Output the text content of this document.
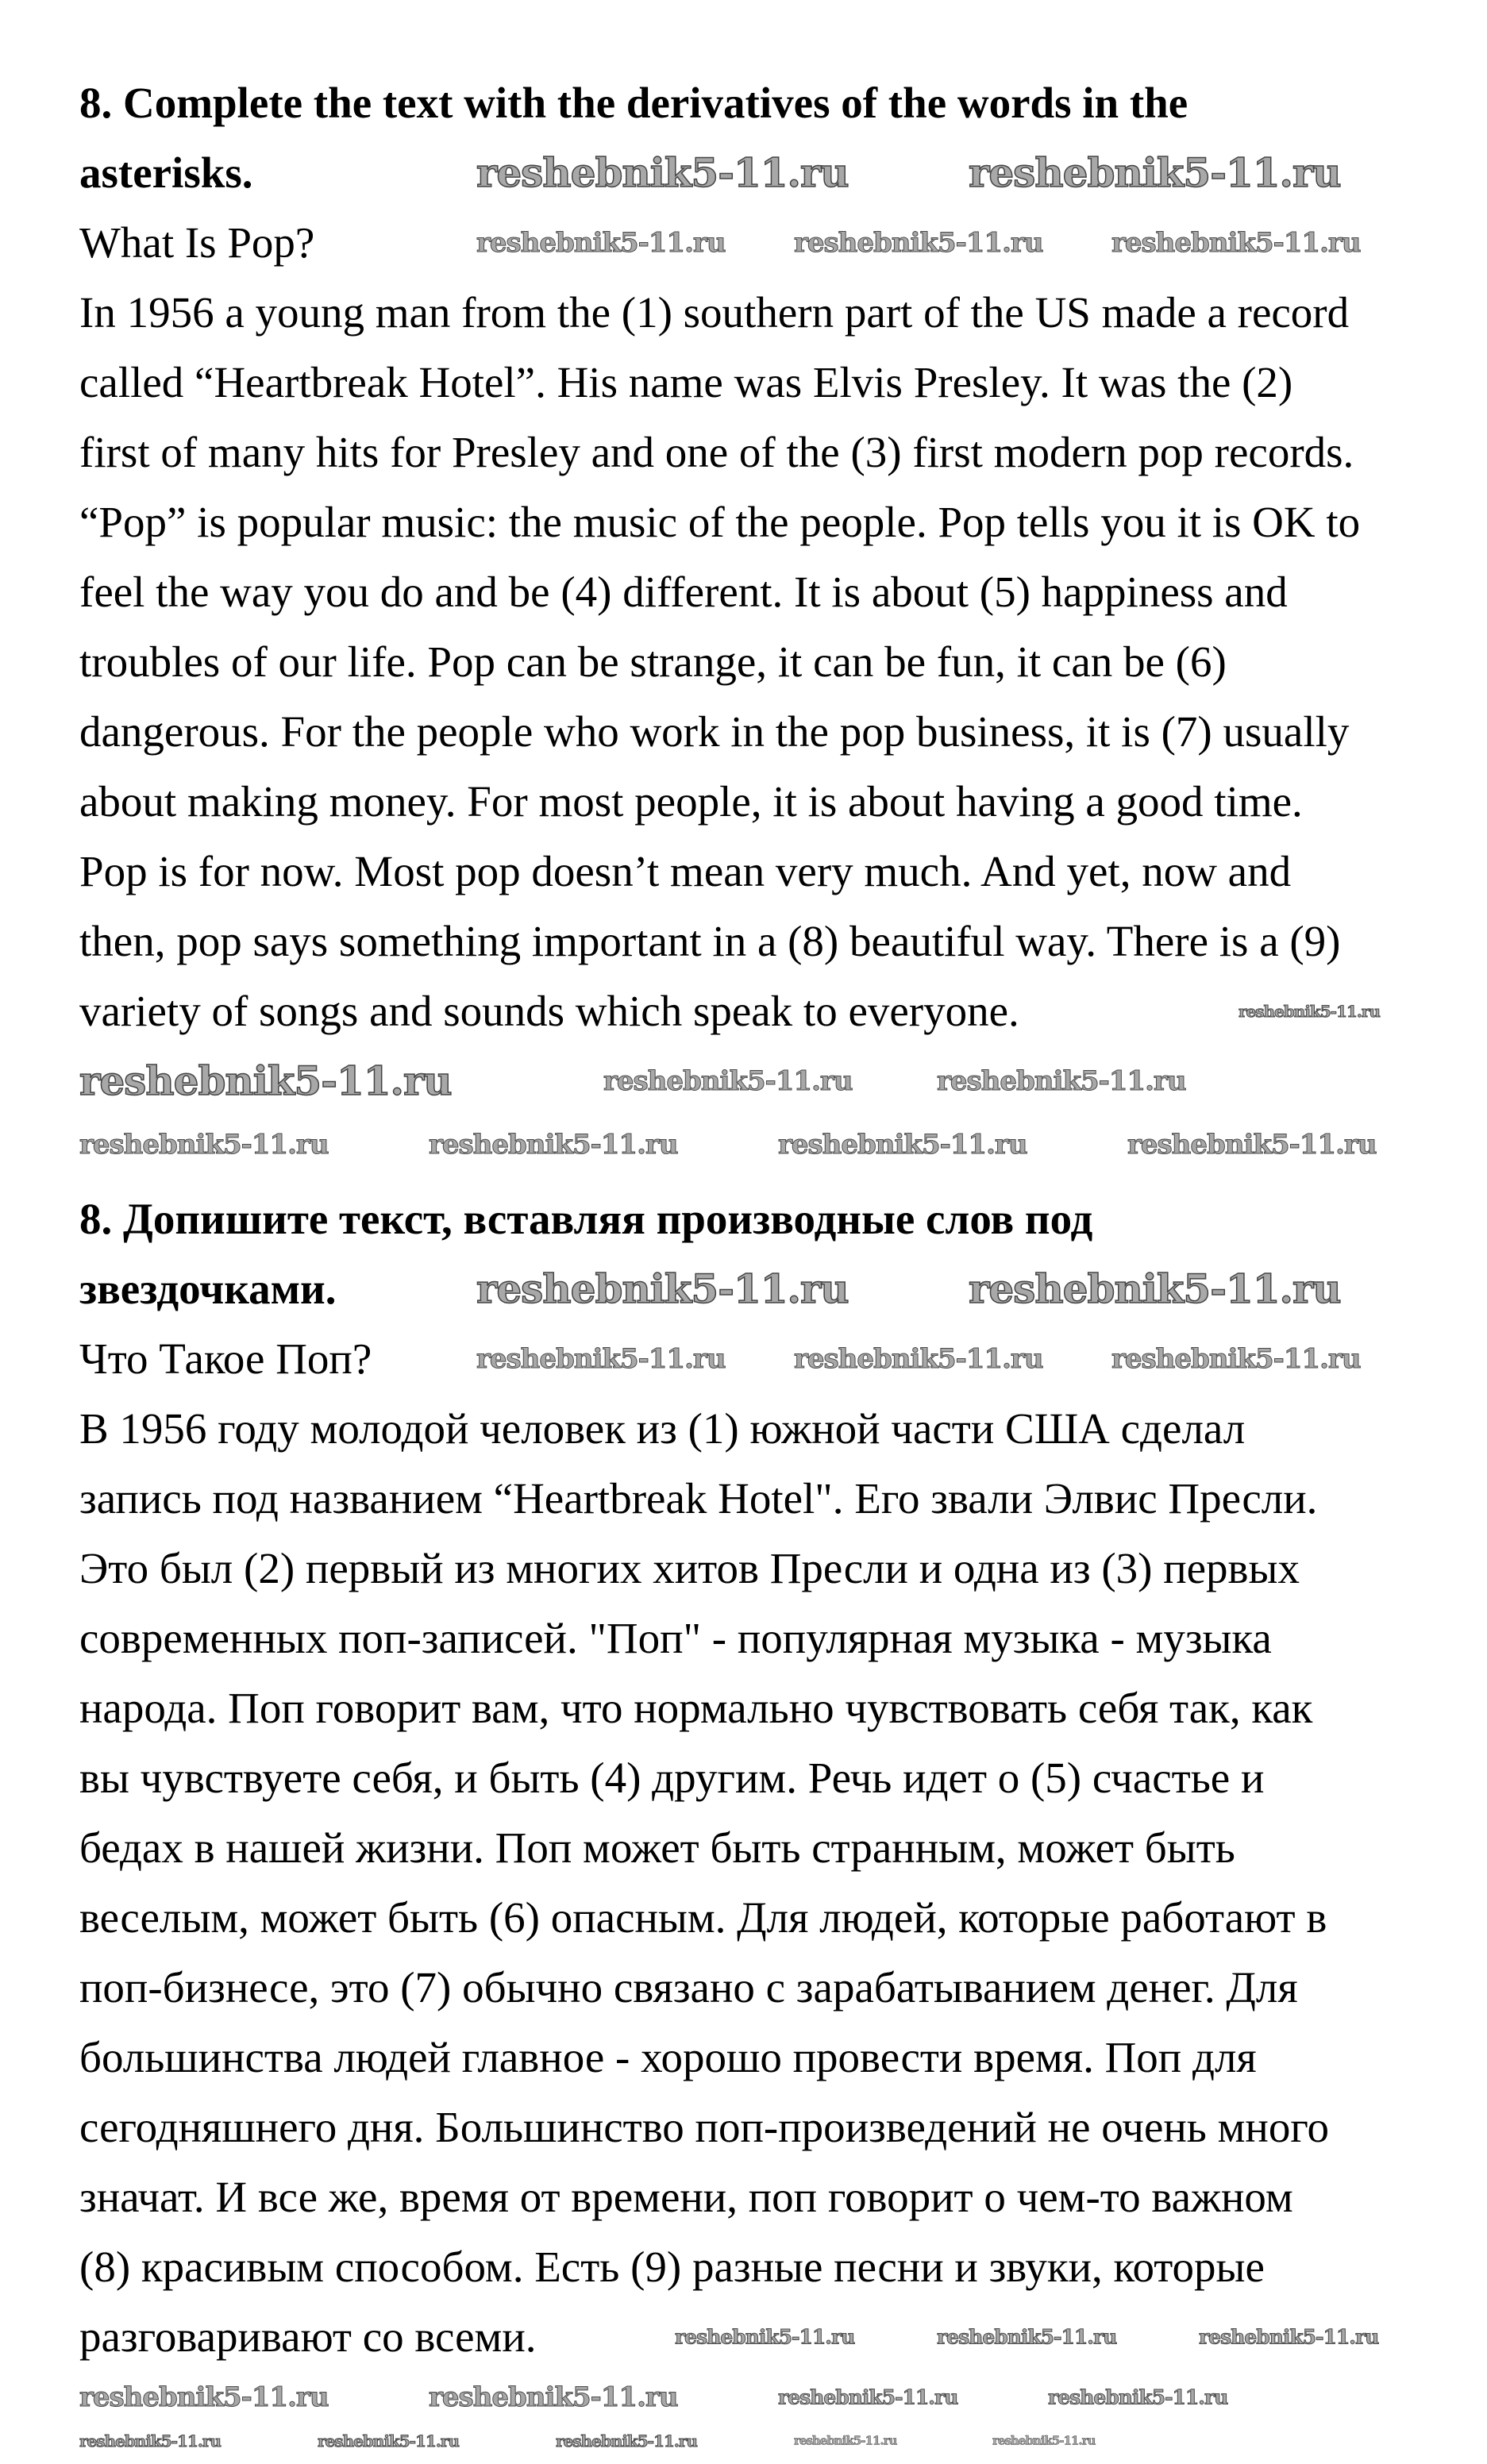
8. Complete the text with the derivatives of the words in the
asterisks.
What Is Pop?
In 1956 a young man from the (1) southern part of the US made a record
called “Heartbreak Hotel”. His name was Elvis Presley. It was the (2)
first of many hits for Presley and one of the (3) first modern pop records.
“Pop” is popular music: the music of the people. Pop tells you it is OK to
feel the way you do and be (4) different. It is about (5) happiness and
troubles of our life. Pop can be strange, it can be fun, it can be (6)
dangerous. For the people who work in the pop business, it is (7) usually
about making money. For most people, it is about having a good time.
Pop is for now. Most pop doesn’t mean very much. And yet, now and
then, pop says something important in a (8) beautiful way. There is a (9)
variety of songs and sounds which speak to everyone.
8. Допишите текст, вставляя производные слов под
звездочками.
Что Такое Поп?
В 1956 году молодой человек из (1) южной части США сделал
запись под названием “Heartbreak Hotel". Его звали Элвис Пресли.
Это был (2) первый из многих хитов Пресли и одна из (3) первых
современных поп-записей. "Поп" - популярная музыка - музыка
народа. Поп говорит вам, что нормально чувствовать себя так, как
вы чувствуете себя, и быть (4) другим. Речь идет о (5) счастье и
бедах в нашей жизни. Поп может быть странным, может быть
веселым, может быть (6) опасным. Для людей, которые работают в
поп-бизнесе, это (7) обычно связано с зарабатыванием денег. Для
большинства людей главное - хорошо провести время. Поп для
сегодняшнего дня. Большинство поп-произведений не очень много
значат. И все же, время от времени, поп говорит о чем-то важном
(8) красивым способом. Есть (9) разные песни и звуки, которые
разговаривают со всеми.
reshebnik5-11.ru	reshebnik5-11.ru
reshebnik5-11.ru	reshebnik5-11.ru	reshebnik5-11.ru
reshebnik5-11.ru
reshebnik5-11.ru	reshebnik5-11.ru	reshebnik5-11.ru
reshebnik5-11.ru	reshebnik5-11.ru	reshebnik5-11.ru	reshebnik5-11.ru
reshebnik5-11.ru	reshebnik5-11.ru
reshebnik5-11.ru	reshebnik5-11.ru	reshebnik5-11.ru
reshebnik5-11.ru	reshebnik5-11.ru	reshebnik5-11.ru
reshebnik5-11.ru	reshebnik5-11.ru	reshebnik5-11.ru	reshebnik5-11.ru
reshebnik5-11.ru	reshebnik5-11.ru	reshebnik5-11.ru	reshebnik5-11.ru	reshebnik5-11.ru
